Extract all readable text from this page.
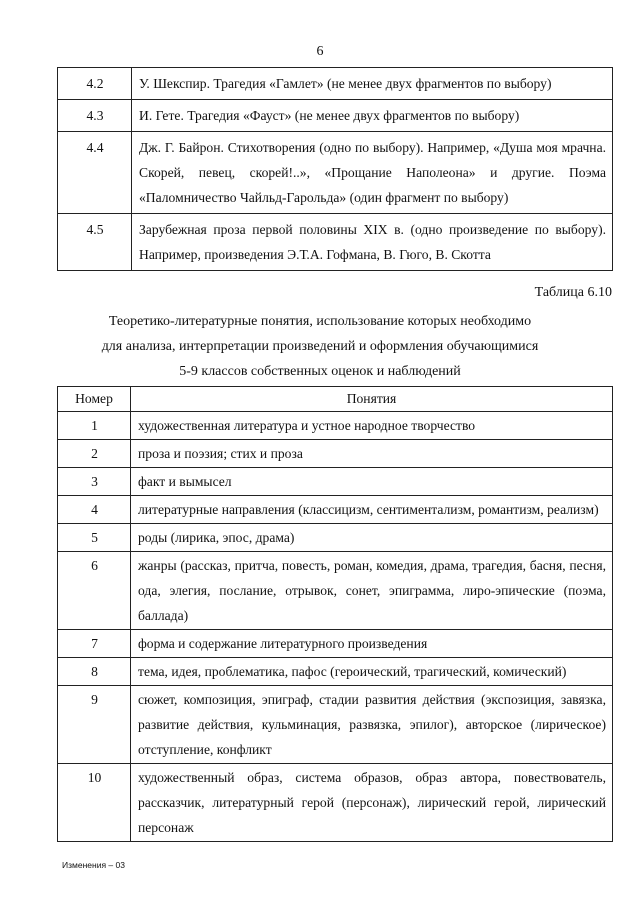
6
4.2	У. Шекспир. Трагедия «Гамлет» (не менее двух фрагментов по выбору)
4.3	И. Гете. Трагедия «Фауст» (не менее двух фрагментов по выбору)
4.4	Дж. Г. Байрон. Стихотворения (одно по выбору). Например, «Душа моя мрачна. Скорей, певец, скорей!..», «Прощание Наполеона» и другие. Поэма «Паломничество Чайльд-Гарольда» (один фрагмент по выбору)
4.5	Зарубежная проза первой половины XIX в. (одно произведение по выбору). Например, произведения Э.Т.А. Гофмана, В. Гюго, В. Скотта
Таблица 6.10
Теоретико-литературные понятия, использование которых необходимо
для анализа, интерпретации произведений и оформления обучающимися
5-9 классов собственных оценок и наблюдений
Номер	Понятия
1	художественная литература и устное народное творчество
2	проза и поэзия; стих и проза
3	факт и вымысел
4	литературные направления (классицизм, сентиментализм, романтизм, реализм)
5	роды (лирика, эпос, драма)
6	жанры (рассказ, притча, повесть, роман, комедия, драма, трагедия, басня, песня, ода, элегия, послание, отрывок, сонет, эпиграмма, лиро-эпические (поэма, баллада)
7	форма и содержание литературного произведения
8	тема, идея, проблематика, пафос (героический, трагический, комический)
9	сюжет, композиция, эпиграф, стадии развития действия (экспозиция, завязка, развитие действия, кульминация, развязка, эпилог), авторское (лирическое) отступление, конфликт
10	художественный образ, система образов, образ автора, повествователь, рассказчик, литературный герой (персонаж), лирический герой, лирический персонаж
Изменения – 03
